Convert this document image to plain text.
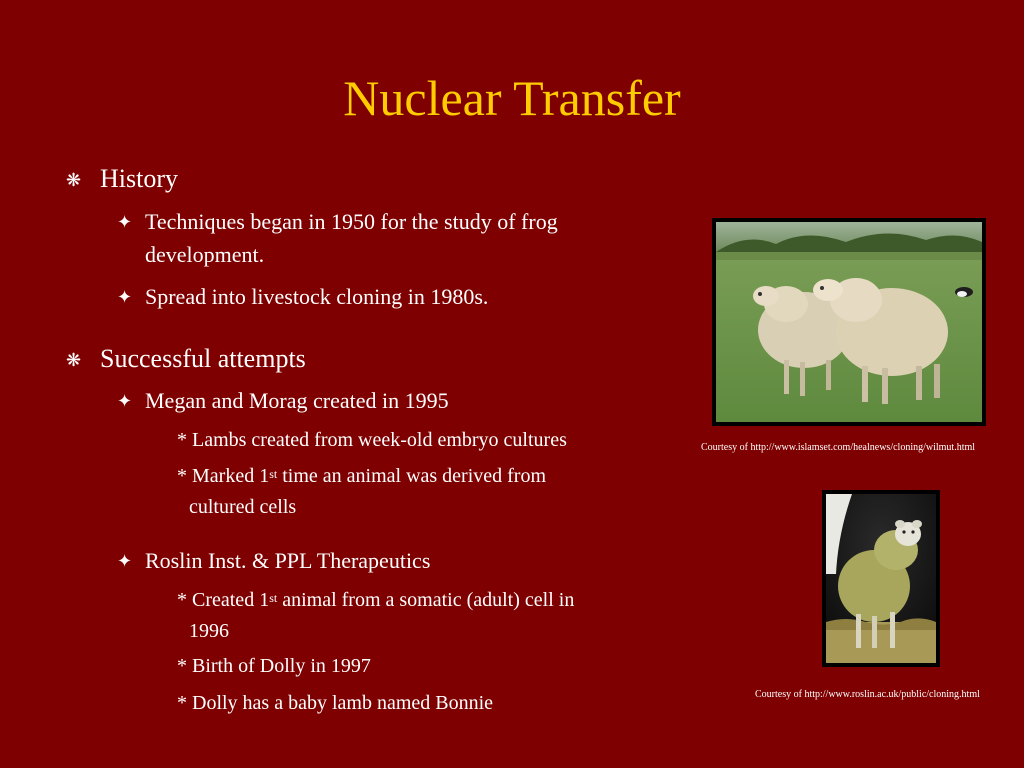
Nuclear Transfer
❋ History
✦ Techniques began in 1950 for the study of frog
development.
✦ Spread into livestock cloning in 1980s.
❋ Successful attempts
✦ Megan and Morag created in 1995
* Lambs created from week-old embryo cultures
* Marked 1st time an animal was derived from
cultured cells
✦ Roslin Inst. & PPL Therapeutics
* Created 1st animal from a somatic (adult) cell in
1996
* Birth of Dolly in 1997
* Dolly has a baby lamb named Bonnie
Courtesy of http://www.islamset.com/healnews/cloning/wilmut.html
Courtesy of http://www.roslin.ac.uk/public/cloning.html
